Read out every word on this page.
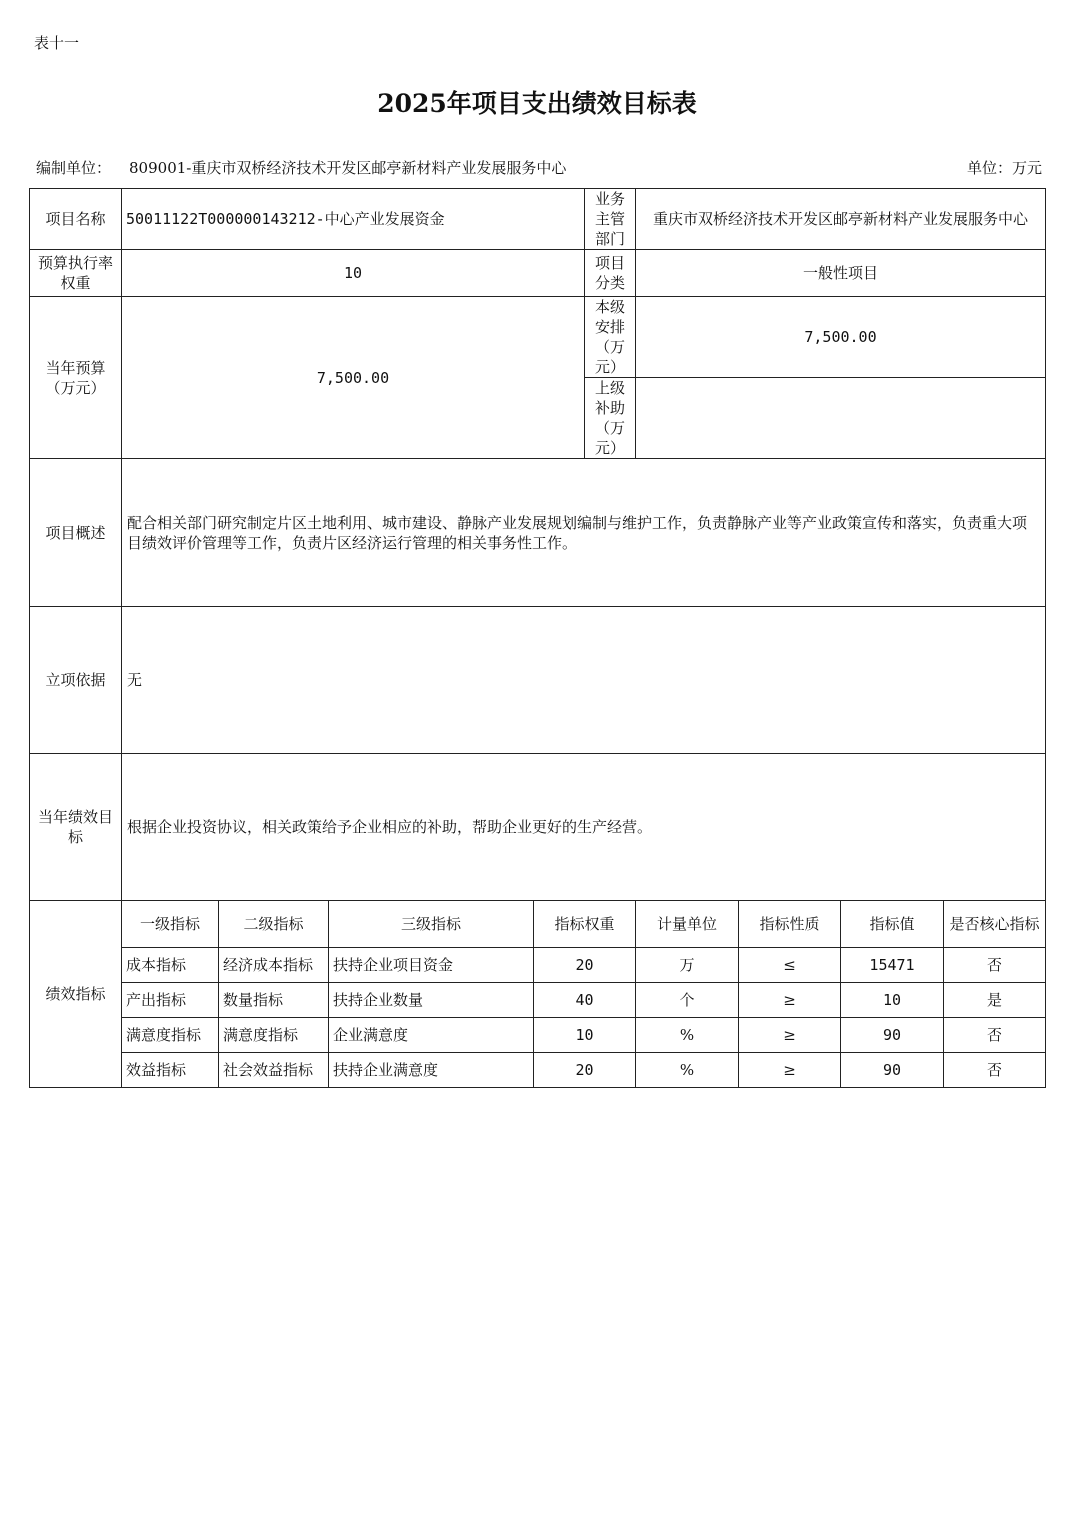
表十一
2025年项目支出绩效目标表
编制单位： 809001-重庆市双桥经济技术开发区邮亭新材料产业发展服务中心	单位：万元
项目名称	50011122T000000143212-中心产业发展资金				业务主管部门	重庆市双桥经济技术开发区邮亭新材料产业发展服务中心			
预算执行率权重	10				项目分类	一般性项目			
当年预算（万元）	7,500.00				本级安排（万元）	7,500.00			
					上级补助（万元）				
项目概述	配合相关部门研究制定片区土地利用、城市建设、静脉产业发展规划编制与维护工作，负责静脉产业等产业政策宣传和落实，负责重大项目绩效评价管理等工作，负责片区经济运行管理的相关事务性工作。								
立项依据	无								
当年绩效目标	根据企业投资协议，相关政策给予企业相应的补助，帮助企业更好的生产经营。								
绩效指标	一级指标	二级指标	三级指标	指标权重		计量单位	指标性质	指标值	是否核心指标
	成本指标	经济成本指标	扶持企业项目资金	20		万	≤	15471	否
	产出指标	数量指标	扶持企业数量	40		个	≥	10	是
	满意度指标	满意度指标	企业满意度	10		%	≥	90	否
	效益指标	社会效益指标	扶持企业满意度	20		%	≥	90	否
